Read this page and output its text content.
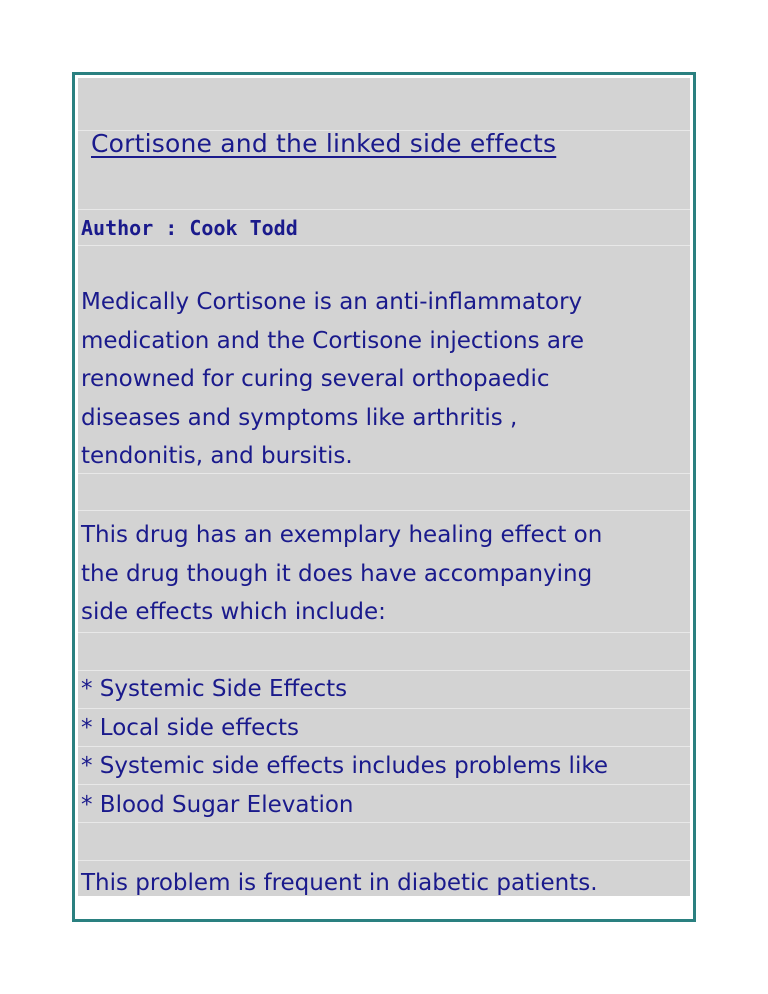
Cortisone and the linked side effects
Author : Cook Todd
Medically Cortisone is an anti-inflammatory
medication and the Cortisone injections are
renowned for curing several orthopaedic
diseases and symptoms like arthritis ,
tendonitis, and bursitis.
This drug has an exemplary healing effect on
the drug though it does have accompanying
side effects which include:
* Systemic Side Effects
* Local side effects
* Systemic side effects includes problems like
* Blood Sugar Elevation
This problem is frequent in diabetic patients.
